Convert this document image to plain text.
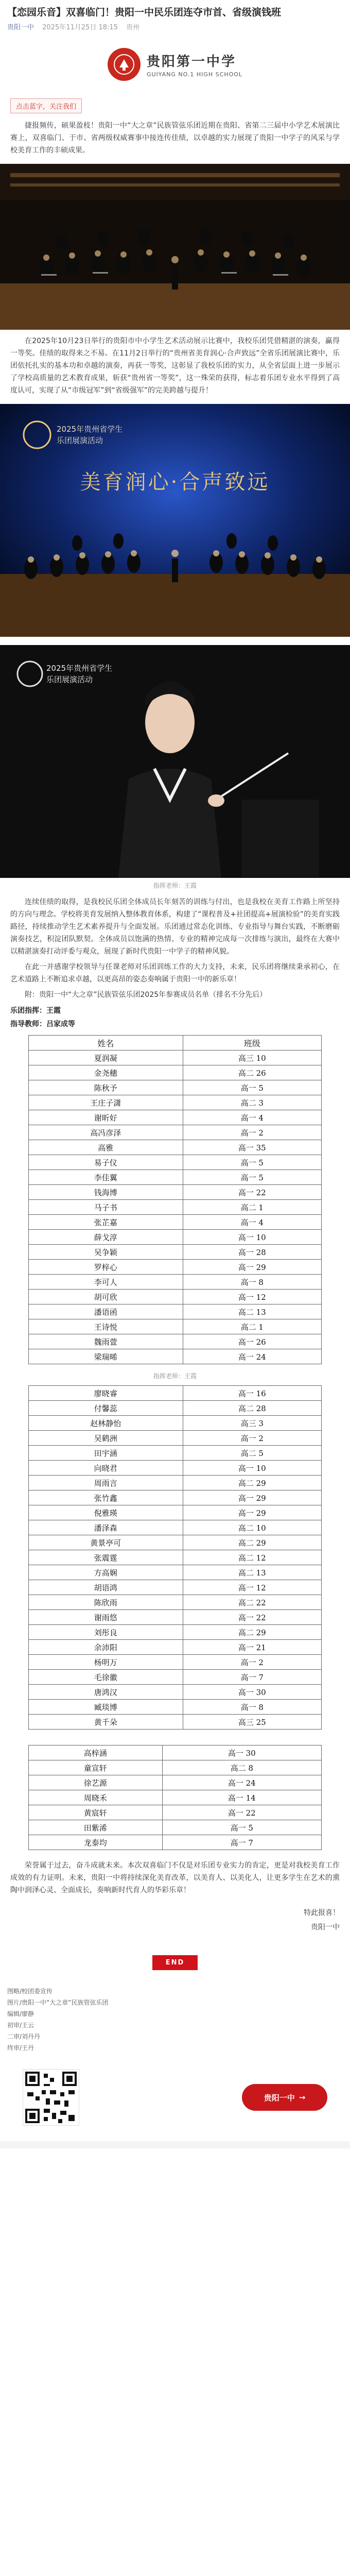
【恋园乐音】双喜临门！贵阳一中民乐团连夺市首、省级演钱班
贵阳一中 2025年11月25日 18:15 贵州
贵阳第一中学
GUIYANG NO.1 HIGH SCHOOL
点击蓝字，关注我们

捷报频传，硕果盈枝！贵阳一中“大之章”民族管弦乐团近期在贵阳、省第二三届中小学艺术展演比赛上，双喜临门、于市、省两级权威赛事中接连传佳绩，以卓越的实力展现了贵阳一中学子的风采与学校美育工作的丰硕成果。

在2025年10月23日举行的贵阳市中小学生艺术活动展示比赛中，我校乐团凭借精湛的演奏，赢得一等奖。佳绩的取得来之不易。在11月2日举行的“贵州省美育润心·合声致远”全省乐团展演比赛中，乐团依托扎实的基本功和卓越的演奏，再获一等奖，这彰显了我校乐团的实力，从全省层面上进一步展示了学校高质量的艺术教育成果，斩获“贵州省一等奖”，这一殊荣的获得，标志着乐团专业水平得到了高度认可，实现了从“市级冠军”到“省级强军”的完美跨越与提升！

2025年贵州省学生
乐团展演活动
美育润心·合声致远
2025年贵州省学生
乐团展演活动
指挥老师：王霞

连续佳绩的取得，是我校民乐团全体成员长年刻苦的训练与付出，也是我校在美育工作路上所坚持的方向与理念。学校将美育发展纳入整体教育体系，构建了“课程普及+社团提高+展演检验”的美育实践路径，持续推动学生艺术素养提升与全面发展。乐团通过常态化训练、专业指导与舞台实践，不断磨砺演奏技艺，积淀团队默契。全体成员以饱满的热情、专业的精神完成每一次排练与演出，最终在大赛中以精湛演奏打动评委与观众，展现了新时代贵阳一中学子的精神风貌。

在此一并感谢学校领导与任课老师对乐团训练工作的大力支持，未来，民乐团将继续秉承初心，在艺术道路上不断追求卓越，以更高昂的姿态奏响属于贵阳一中的新乐章！

附：贵阳一中“大之章”民族管弦乐团2025年参赛成员名单（排名不分先后）

乐团指挥：王霞
指导教师：吕家成等
姓名	班级
夏润凝	高三 10
金尧穗	高二 26
陈秋予	高一 5
王庄子潇	高二 3
谢昕好	高一 4
高冯彦泽	高一 2
高雅	高一 35
易子仪	高一 5
李佳翼	高一 5
钱海博	高一 22
马子书	高二 1
张芷嘉	高一 4
薛戈淳	高一 10
吴争颖	高一 28
罗梓心	高一 29
李可人	高一 8
胡可欣	高一 12
潘语函	高二 13
王诗悦	高二 1
魏雨萱	高一 26
梁瑞晞	高一 24
指挥老师：王霞
廖晓睿	高一 16
付馨蕊	高二 28
赵林静怡	高三 3
吴鹤洲	高一 2
田宇涵	高二 5
向晓君	高一 10
周雨言	高二 29
张竹鑫	高一 29
倪雅瑛	高一 29
潘泽森	高二 10
黄景亭可	高二 29
张震霆	高二 12
方高娴	高二 13
胡语鸿	高一 12
陈欣雨	高二 22
谢雨悠	高一 22
刘彤良	高二 29
余沛阳	高一 21
杨明万	高一 2
毛徐徽	高一 7
唐鸿汉	高一 30
臧琰博	高一 8
黄千朵	高三 25
高梓涵	高一 30
童宣轩	高二 8
徐艺源	高一 24
周晓禾	高一 14
黄宸轩	高一 22
田紫浠	高一 5
龙泰均	高一 7

荣誉属于过去，奋斗成就未来。本次双喜临门不仅是对乐团专业实力的肯定，更是对我校美育工作成效的有力证明。未来，贵阳一中将持续深化美育改革，以美育人、以美化人，让更多学生在艺术的熏陶中润泽心灵、全面成长，奏响新时代育人的华彩乐章！

特此报喜！
贵阳一中
END
图略/校团委宣传
图片/贵阳一中“大之章”民族管弦乐团
编辑/廖静
初审/王云
二审/刘丹丹
终审/王丹
贵阳一中 →
